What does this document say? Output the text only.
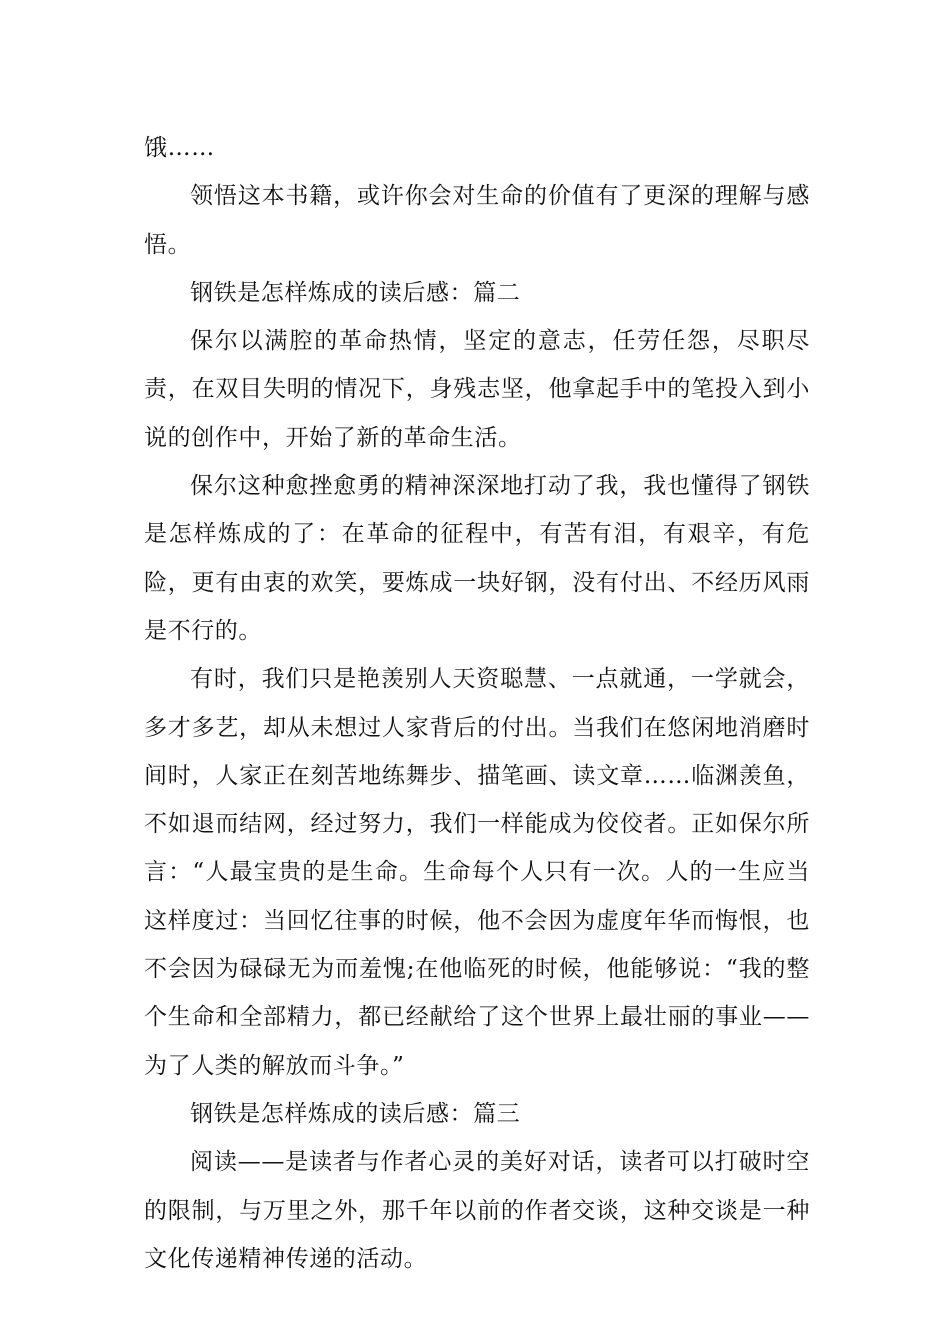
饿……

领悟这本书籍，或许你会对生命的价值有了更深的理解与感悟。

钢铁是怎样炼成的读后感：篇二

保尔以满腔的革命热情，坚定的意志，任劳任怨，尽职尽责，在双目失明的情况下，身残志坚，他拿起手中的笔投入到小说的创作中，开始了新的革命生活。

保尔这种愈挫愈勇的精神深深地打动了我，我也懂得了钢铁是怎样炼成的了：在革命的征程中，有苦有泪，有艰辛，有危险，更有由衷的欢笑，要炼成一块好钢，没有付出、不经历风雨是不行的。

有时，我们只是艳羡别人天资聪慧、一点就通，一学就会，多才多艺，却从未想过人家背后的付出。当我们在悠闲地消磨时间时，人家正在刻苦地练舞步、描笔画、读文章……临渊羡鱼，不如退而结网，经过努力，我们一样能成为佼佼者。正如保尔所言：“人最宝贵的是生命。生命每个人只有一次。人的一生应当这样度过：当回忆往事的时候，他不会因为虚度年华而悔恨，也不会因为碌碌无为而羞愧;在他临死的时候，他能够说：“我的整个生命和全部精力，都已经献给了这个世界上最壮丽的事业——为了人类的解放而斗争。”

钢铁是怎样炼成的读后感：篇三

阅读——是读者与作者心灵的美好对话，读者可以打破时空的限制，与万里之外，那千年以前的作者交谈，这种交谈是一种文化传递精神传递的活动。
